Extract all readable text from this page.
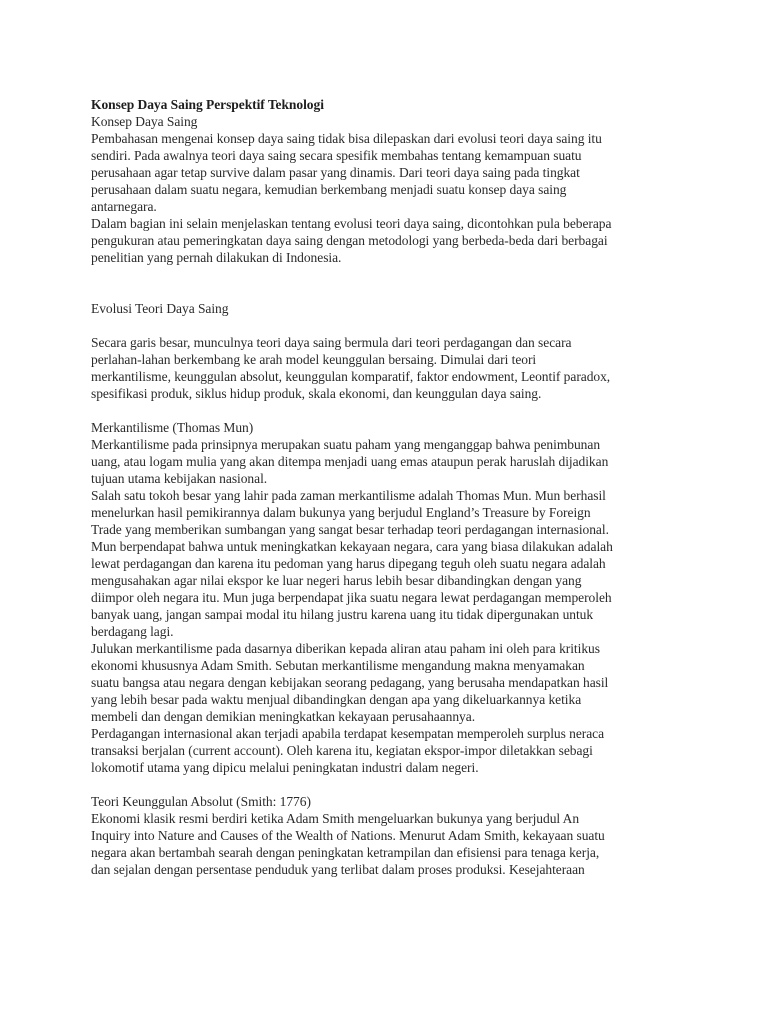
Konsep Daya Saing Perspektif Teknologi
Konsep Daya Saing
Pembahasan mengenai konsep daya saing tidak bisa dilepaskan dari evolusi teori daya saing itu
sendiri. Pada awalnya teori daya saing secara spesifik membahas tentang kemampuan suatu
perusahaan agar tetap survive dalam pasar yang dinamis. Dari teori daya saing pada tingkat
perusahaan dalam suatu negara, kemudian berkembang menjadi suatu konsep daya saing
antarnegara.
Dalam bagian ini selain menjelaskan tentang evolusi teori daya saing, dicontohkan pula beberapa
pengukuran atau pemeringkatan daya saing dengan metodologi yang berbeda-beda dari berbagai
penelitian yang pernah dilakukan di Indonesia.
Evolusi Teori Daya Saing
Secara garis besar, munculnya teori daya saing bermula dari teori perdagangan dan secara
perlahan-lahan berkembang ke arah model keunggulan bersaing. Dimulai dari teori
merkantilisme, keunggulan absolut, keunggulan komparatif, faktor endowment, Leontif paradox,
spesifikasi produk, siklus hidup produk, skala ekonomi, dan keunggulan daya saing.
Merkantilisme (Thomas Mun)
Merkantilisme pada prinsipnya merupakan suatu paham yang menganggap bahwa penimbunan
uang, atau logam mulia yang akan ditempa menjadi uang emas ataupun perak haruslah dijadikan
tujuan utama kebijakan nasional.
Salah satu tokoh besar yang lahir pada zaman merkantilisme adalah Thomas Mun. Mun berhasil
menelurkan hasil pemikirannya dalam bukunya yang berjudul England’s Treasure by Foreign
Trade yang memberikan sumbangan yang sangat besar terhadap teori perdagangan internasional.
Mun berpendapat bahwa untuk meningkatkan kekayaan negara, cara yang biasa dilakukan adalah
lewat perdagangan dan karena itu pedoman yang harus dipegang teguh oleh suatu negara adalah
mengusahakan agar nilai ekspor ke luar negeri harus lebih besar dibandingkan dengan yang
diimpor oleh negara itu. Mun juga berpendapat jika suatu negara lewat perdagangan memperoleh
banyak uang, jangan sampai modal itu hilang justru karena uang itu tidak dipergunakan untuk
berdagang lagi.
Julukan merkantilisme pada dasarnya diberikan kepada aliran atau paham ini oleh para kritikus
ekonomi khususnya Adam Smith. Sebutan merkantilisme mengandung makna menyamakan
suatu bangsa atau negara dengan kebijakan seorang pedagang, yang berusaha mendapatkan hasil
yang lebih besar pada waktu menjual dibandingkan dengan apa yang dikeluarkannya ketika
membeli dan dengan demikian meningkatkan kekayaan perusahaannya.
Perdagangan internasional akan terjadi apabila terdapat kesempatan memperoleh surplus neraca
transaksi berjalan (current account). Oleh karena itu, kegiatan ekspor-impor diletakkan sebagi
lokomotif utama yang dipicu melalui peningkatan industri dalam negeri.
Teori Keunggulan Absolut (Smith: 1776)
Ekonomi klasik resmi berdiri ketika Adam Smith mengeluarkan bukunya yang berjudul An
Inquiry into Nature and Causes of the Wealth of Nations. Menurut Adam Smith, kekayaan suatu
negara akan bertambah searah dengan peningkatan ketrampilan dan efisiensi para tenaga kerja,
dan sejalan dengan persentase penduduk yang terlibat dalam proses produksi. Kesejahteraan
